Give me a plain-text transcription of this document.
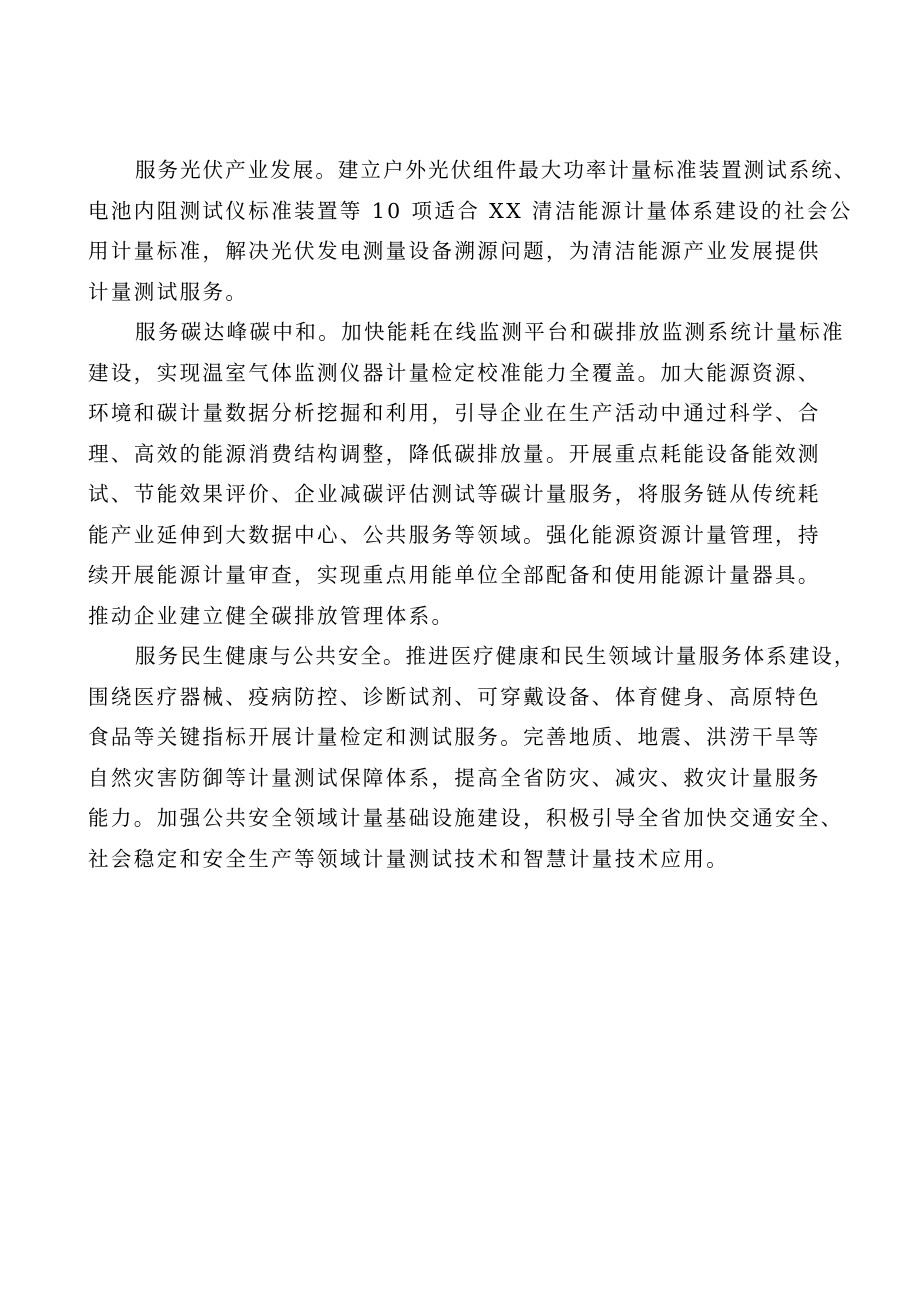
服务光伏产业发展。建立户外光伏组件最大功率计量标准装置测试系统、
电池内阻测试仪标准装置等 10 项适合 XX 清洁能源计量体系建设的社会公
用计量标准，解决光伏发电测量设备溯源问题，为清洁能源产业发展提供
计量测试服务。

服务碳达峰碳中和。加快能耗在线监测平台和碳排放监测系统计量标准
建设，实现温室气体监测仪器计量检定校准能力全覆盖。加大能源资源、
环境和碳计量数据分析挖掘和利用，引导企业在生产活动中通过科学、合
理、高效的能源消费结构调整，降低碳排放量。开展重点耗能设备能效测
试、节能效果评价、企业减碳评估测试等碳计量服务，将服务链从传统耗
能产业延伸到大数据中心、公共服务等领域。强化能源资源计量管理，持
续开展能源计量审查，实现重点用能单位全部配备和使用能源计量器具。
推动企业建立健全碳排放管理体系。

服务民生健康与公共安全。推进医疗健康和民生领域计量服务体系建设，
围绕医疗器械、疫病防控、诊断试剂、可穿戴设备、体育健身、高原特色
食品等关键指标开展计量检定和测试服务。完善地质、地震、洪涝干旱等
自然灾害防御等计量测试保障体系，提高全省防灾、减灾、救灾计量服务
能力。加强公共安全领域计量基础设施建设，积极引导全省加快交通安全、
社会稳定和安全生产等领域计量测试技术和智慧计量技术应用。
